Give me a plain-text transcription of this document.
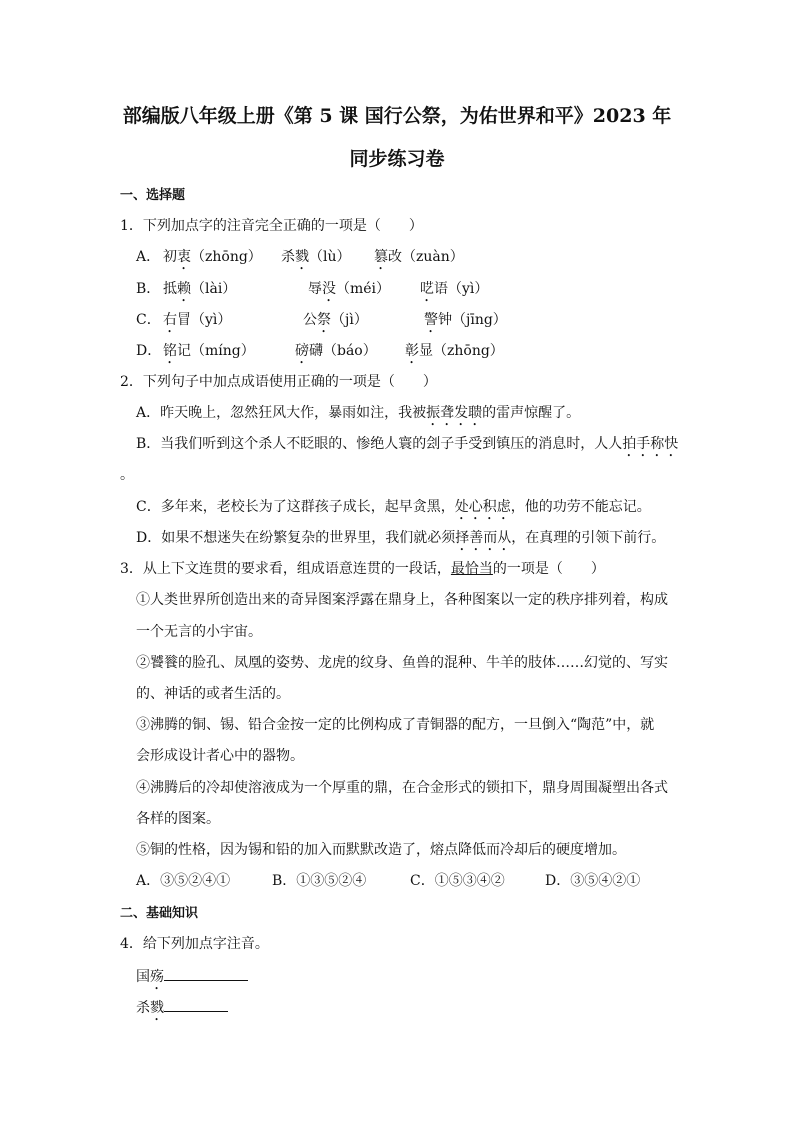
部编版八年级上册《第 5 课 国行公祭，为佑世界和平》2023 年
同步练习卷
一、选择题
1．下列加点字的注音完全正确的一项是（　　）
A． 初衷（zhōng） 杀戮（lù） 篡改（zuàn）
B． 抵赖（lài）	辱没（méi） 呓语（yì）
C． 右冒（yì）	公祭（jì）	警钟（jīng）
D． 铭记（míng）	磅礴（báo） 彰显（zhōng）
2．下列句子中加点成语使用正确的一项是（　　）
A．昨天晚上，忽然狂风大作，暴雨如注，我被振聋发聩的雷声惊醒了。
B．当我们听到这个杀人不眨眼的、惨绝人寰的刽子手受到镇压的消息时，人人拍手称快
。
C．多年来，老校长为了这群孩子成长，起早贪黑，处心积虑，他的功劳不能忘记。
D．如果不想迷失在纷繁复杂的世界里，我们就必须择善而从，在真理的引领下前行。
3．从上下文连贯的要求看，组成语意连贯的一段话，最恰当的一项是（　　）
①人类世界所创造出来的奇异图案浮露在鼎身上，各种图案以一定的秩序排列着，构成
一个无言的小宇宙。
②饕餮的脸孔、凤凰的姿势、龙虎的纹身、鱼兽的混种、牛羊的肢体……幻觉的、写实
的、神话的或者生活的。
③沸腾的铜、锡、铅合金按一定的比例构成了青铜器的配方，一旦倒入“陶范”中，就
会形成设计者心中的器物。
④沸腾后的冷却使溶液成为一个厚重的鼎，在合金形式的锁扣下，鼎身周围凝塑出各式
各样的图案。
⑤铜的性格，因为锡和铅的加入而默默改造了，熔点降低而冷却后的硬度增加。
A．③⑤②④①	B．①③⑤②④	C．①⑤③④②	D．③⑤④②①
二、基础知识
4．给下列加点字注音。
国殇
杀戮
